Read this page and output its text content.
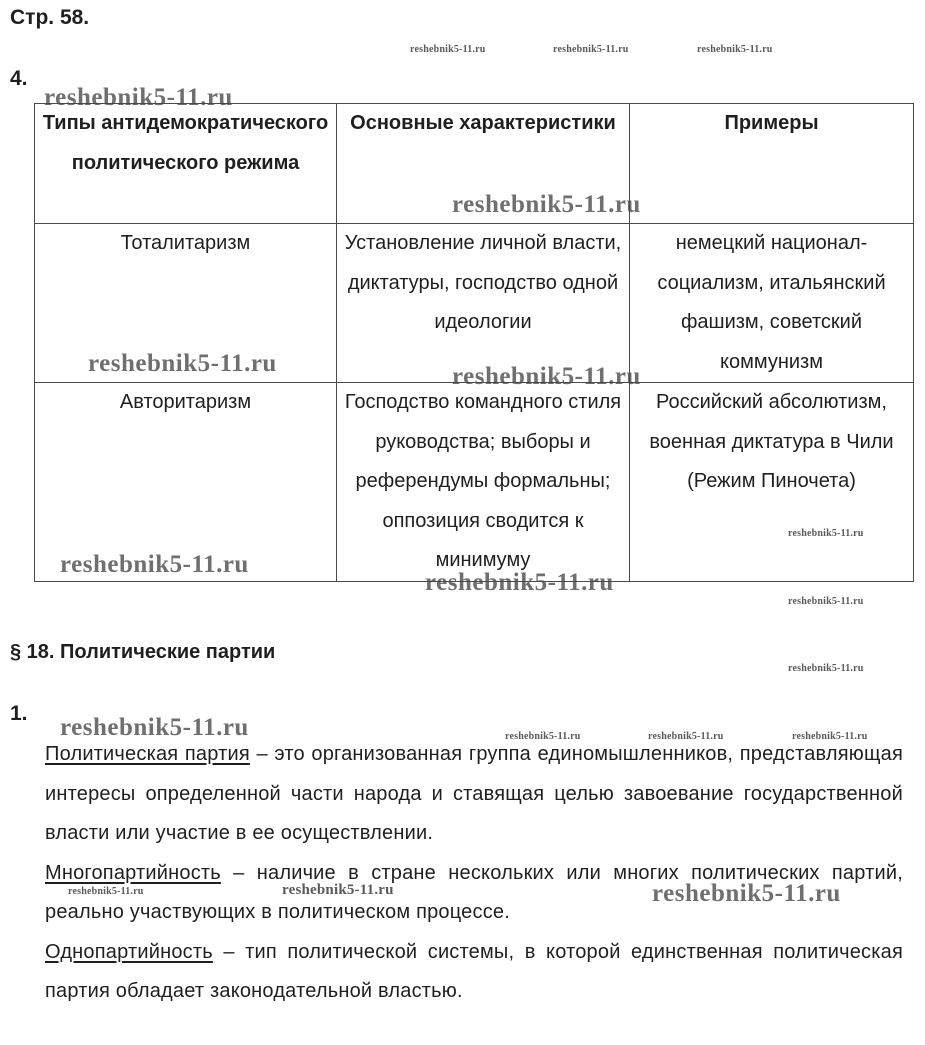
Стр. 58.
reshebnik5-11.ru	reshebnik5-11.ru	reshebnik5-11.ru
4.
Типы антидемократического политического режима	Основные характеристики	Примеры
Тоталитаризм	Установление личной власти, диктатуры, господство одной идеологии	немецкий национал-социализм, итальянский фашизм, советский коммунизм
Авторитаризм	Господство командного стиля руководства; выборы и референдумы формальны; оппозиция сводится к минимуму	Российский абсолютизм, военная диктатура в Чили (Режим Пиночета)
reshebnik5-11.ru
reshebnik5-11.ru
reshebnik5-11.ru	reshebnik5-11.ru
reshebnik5-11.ru
reshebnik5-11.ru
reshebnik5-11.ru
reshebnik5-11.ru
reshebnik5-11.ru
§ 18. Политические партии
1.
reshebnik5-11.ru	reshebnik5-11.ru	reshebnik5-11.ru

Политическая партия – это организованная группа единомышленников, представляющая интересы определенной части народа и ставящая целью завоевание государственной власти или участие в ее осуществлении.

Многопартийность – наличие в стране нескольких или многих политических партий, реально участвующих в политическом процессе.

Однопартийность – тип политической системы, в которой единственная политическая партия обладает законодательной властью.

reshebnik5-11.ru
reshebnik5-11.ru	reshebnik5-11.ru	reshebnik5-11.ru
